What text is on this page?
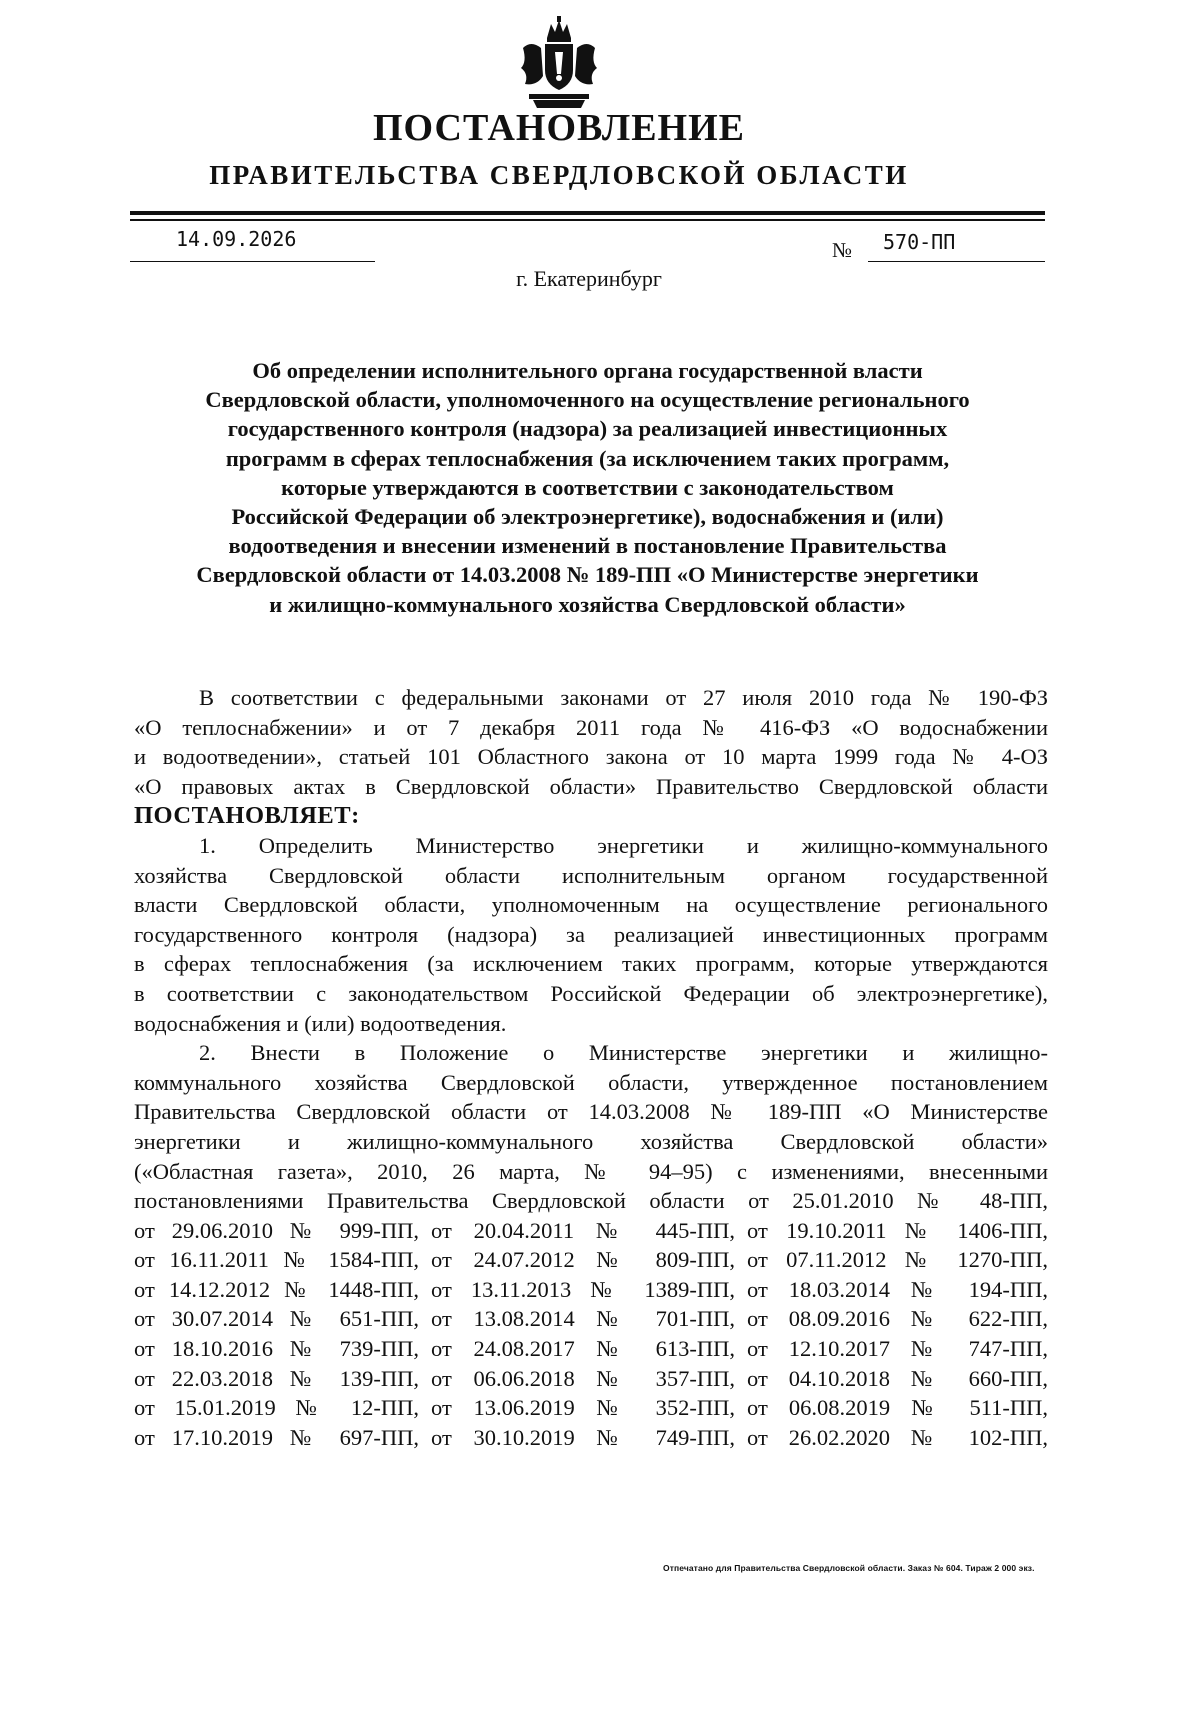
ПОСТАНОВЛЕНИЕ
ПРАВИТЕЛЬСТВА СВЕРДЛОВСКОЙ ОБЛАСТИ
14.09.2026	№ 570-ПП
г. Екатеринбург
Об определении исполнительного органа государственной власти
Свердловской области, уполномоченного на осуществление регионального
государственного контроля (надзора) за реализацией инвестиционных
программ в сферах теплоснабжения (за исключением таких программ,
которые утверждаются в соответствии с законодательством
Российской Федерации об электроэнергетике), водоснабжения и (или)
водоотведения и внесении изменений в постановление Правительства
Свердловской области от 14.03.2008 № 189-ПП «О Министерстве энергетики
и жилищно-коммунального хозяйства Свердловской области»
В соответствии с федеральными законами от 27 июля 2010 года № 190-ФЗ
«О теплоснабжении» и от 7 декабря 2011 года № 416-ФЗ «О водоснабжении
и водоотведении», статьей 101 Областного закона от 10 марта 1999 года № 4-ОЗ
«О правовых актах в Свердловской области» Правительство Свердловской области
ПОСТАНОВЛЯЕТ:
1. Определить Министерство энергетики и жилищно-коммунального
хозяйства Свердловской области исполнительным органом государственной
власти Свердловской области, уполномоченным на осуществление регионального
государственного контроля (надзора) за реализацией инвестиционных программ
в сферах теплоснабжения (за исключением таких программ, которые утверждаются
в соответствии с законодательством Российской Федерации об электроэнергетике),
водоснабжения и (или) водоотведения.
2. Внести в Положение о Министерстве энергетики и жилищно-
коммунального хозяйства Свердловской области, утвержденное постановлением
Правительства Свердловской области от 14.03.2008 № 189-ПП «О Министерстве
энергетики и жилищно-коммунального хозяйства Свердловской области»
(«Областная газета», 2010, 26 марта, № 94–95) с изменениями, внесенными
постановлениями Правительства Свердловской области от 25.01.2010 № 48-ПП,
от 29.06.2010 № 999-ПП, от 20.04.2011 № 445-ПП, от 19.10.2011 № 1406-ПП,
от 16.11.2011 № 1584-ПП, от 24.07.2012 № 809-ПП, от 07.11.2012 № 1270-ПП,
от 14.12.2012 № 1448-ПП, от 13.11.2013 № 1389-ПП, от 18.03.2014 № 194-ПП,
от 30.07.2014 № 651-ПП, от 13.08.2014 № 701-ПП, от 08.09.2016 № 622-ПП,
от 18.10.2016 № 739-ПП, от 24.08.2017 № 613-ПП, от 12.10.2017 № 747-ПП,
от 22.03.2018 № 139-ПП, от 06.06.2018 № 357-ПП, от 04.10.2018 № 660-ПП,
от 15.01.2019 № 12-ПП, от 13.06.2019 № 352-ПП, от 06.08.2019 № 511-ПП,
от 17.10.2019 № 697-ПП, от 30.10.2019 № 749-ПП, от 26.02.2020 № 102-ПП,
Отпечатано для Правительства Свердловской области. Заказ № 604. Тираж 2 000 экз.
